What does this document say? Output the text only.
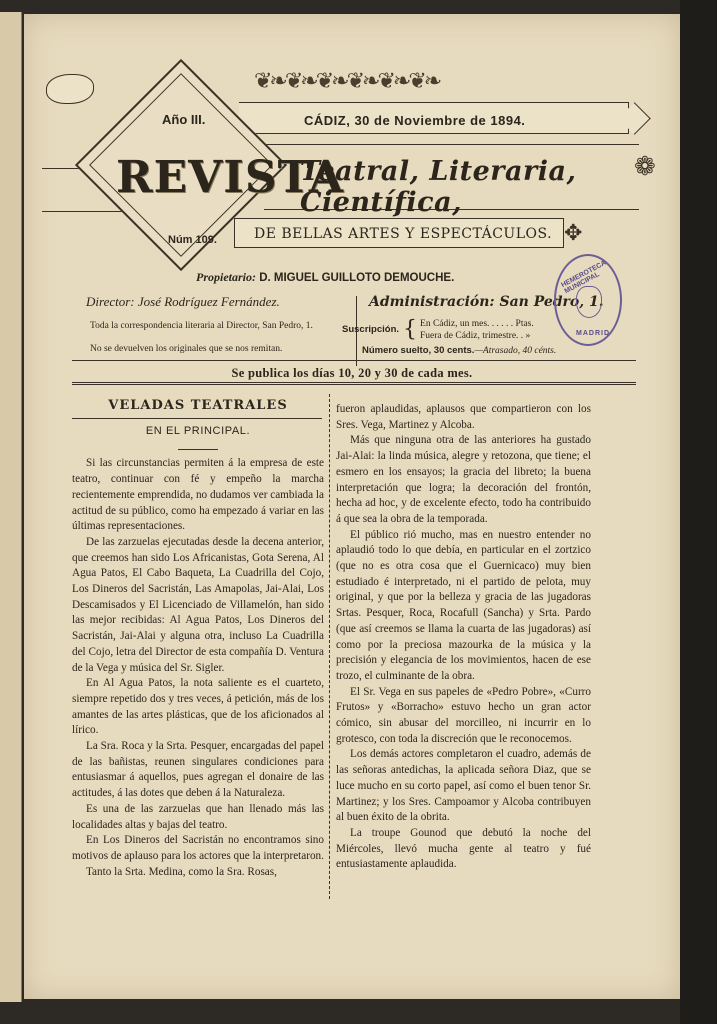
❦❧❦❧❦❧❦❧❦❧❦❧
❁
✥
Año III.
REVISTA
Núm 109.
CÁDIZ, 30 de Noviembre de 1894.
Teatral, Literaria, Científica,
DE BELLAS ARTES Y ESPECTÁCULOS.
Propietario: D. MIGUEL GUILLOTO DEMOUCHE.
Director: José Rodríguez Fernández.	Administración: San Pedro, 1.
Toda la correspondencia literaria al Director, San Pedro, 1.
No se devuelven los originales que se nos remitan.
Suscripción. { En Cádiz, un mes. . . . . . Ptas.
Fuera de Cádiz, trimestre. . »
Número suelto, 30 cents.—Atrasado, 40 cénts.
HEMEROTECA MUNICIPAL
MADRID
Se publica los días 10, 20 y 30 de cada mes.

VELADAS TEATRALES

EN EL PRINCIPAL.

Si las circunstancias permiten á la empresa de este teatro, continuar con fé y empeño la marcha recientemente emprendida, no dudamos ver cambiada la actitud de su público, como ha empezado á variar en las últimas representaciones.

De las zarzuelas ejecutadas desde la decena anterior, que creemos han sido Los Africanistas, Gota Serena, Al Agua Patos, El Cabo Baqueta, La Cuadrilla del Cojo, Los Dineros del Sacristán, Las Amapolas, Jai-Alai, Los Descamisados y El Licenciado de Villamelón, han sido las mejor recibidas: Al Agua Patos, Los Dineros del Sacristán, Jai-Alai y alguna otra, incluso La Cuadrilla del Cojo, letra del Director de esta compañía D. Ventura de la Vega y música del Sr. Sigler.

En Al Agua Patos, la nota saliente es el cuarteto, siempre repetido dos y tres veces, á petición, más de los amantes de las artes plásticas, que de los aficionados al lírico.

La Sra. Roca y la Srta. Pesquer, encargadas del papel de las bañistas, reunen singulares condiciones para entusiasmar á aquellos, pues agregan el donaire de las actitudes, á las dotes que deben á la Naturaleza.

Es una de las zarzuelas que han llenado más las localidades altas y bajas del teatro.

En Los Dineros del Sacristán no encontramos sino motivos de aplauso para los actores que la interpretaron.

Tanto la Srta. Medina, como la Sra. Rosas,

fueron aplaudidas, aplausos que compartieron con los Sres. Vega, Martinez y Alcoba.

Más que ninguna otra de las anteriores ha gustado Jai-Alai: la linda música, alegre y retozona, que tiene; el esmero en los ensayos; la gracia del libreto; la buena interpretación que logra; la decoración del frontón, hecha ad hoc, y de excelente efecto, todo ha contribuido á que sea la obra de la temporada.

El público rió mucho, mas en nuestro entender no aplaudió todo lo que debía, en particular en el zortzico (que no es otra cosa que el Guernicaco) muy bien estudiado é interpretado, ni el partido de pelota, muy original, y que por la belleza y gracia de las jugadoras Srtas. Pesquer, Roca, Rocafull (Sancha) y Srta. Pardo (que así creemos se llama la cuarta de las jugadoras) así como por la preciosa mazourka de la música y la precisión y elegancia de los movimientos, hacen de ese trozo, el culminante de la obra.

El Sr. Vega en sus papeles de «Pedro Pobre», «Curro Frutos» y «Borracho» estuvo hecho un gran actor cómico, sin abusar del morcilleo, ni incurrir en lo grotesco, con toda la discreción que le reconocemos.

Los demás actores completaron el cuadro, además de las señoras antedichas, la aplicada señora Diaz, que se luce mucho en su corto papel, así como el buen tenor Sr. Martinez; y los Sres. Campoamor y Alcoba contribuyen al buen éxito de la obrita.

La troupe Gounod que debutó la noche del Miércoles, llevó mucha gente al teatro y fué entusiastamente aplaudida.
